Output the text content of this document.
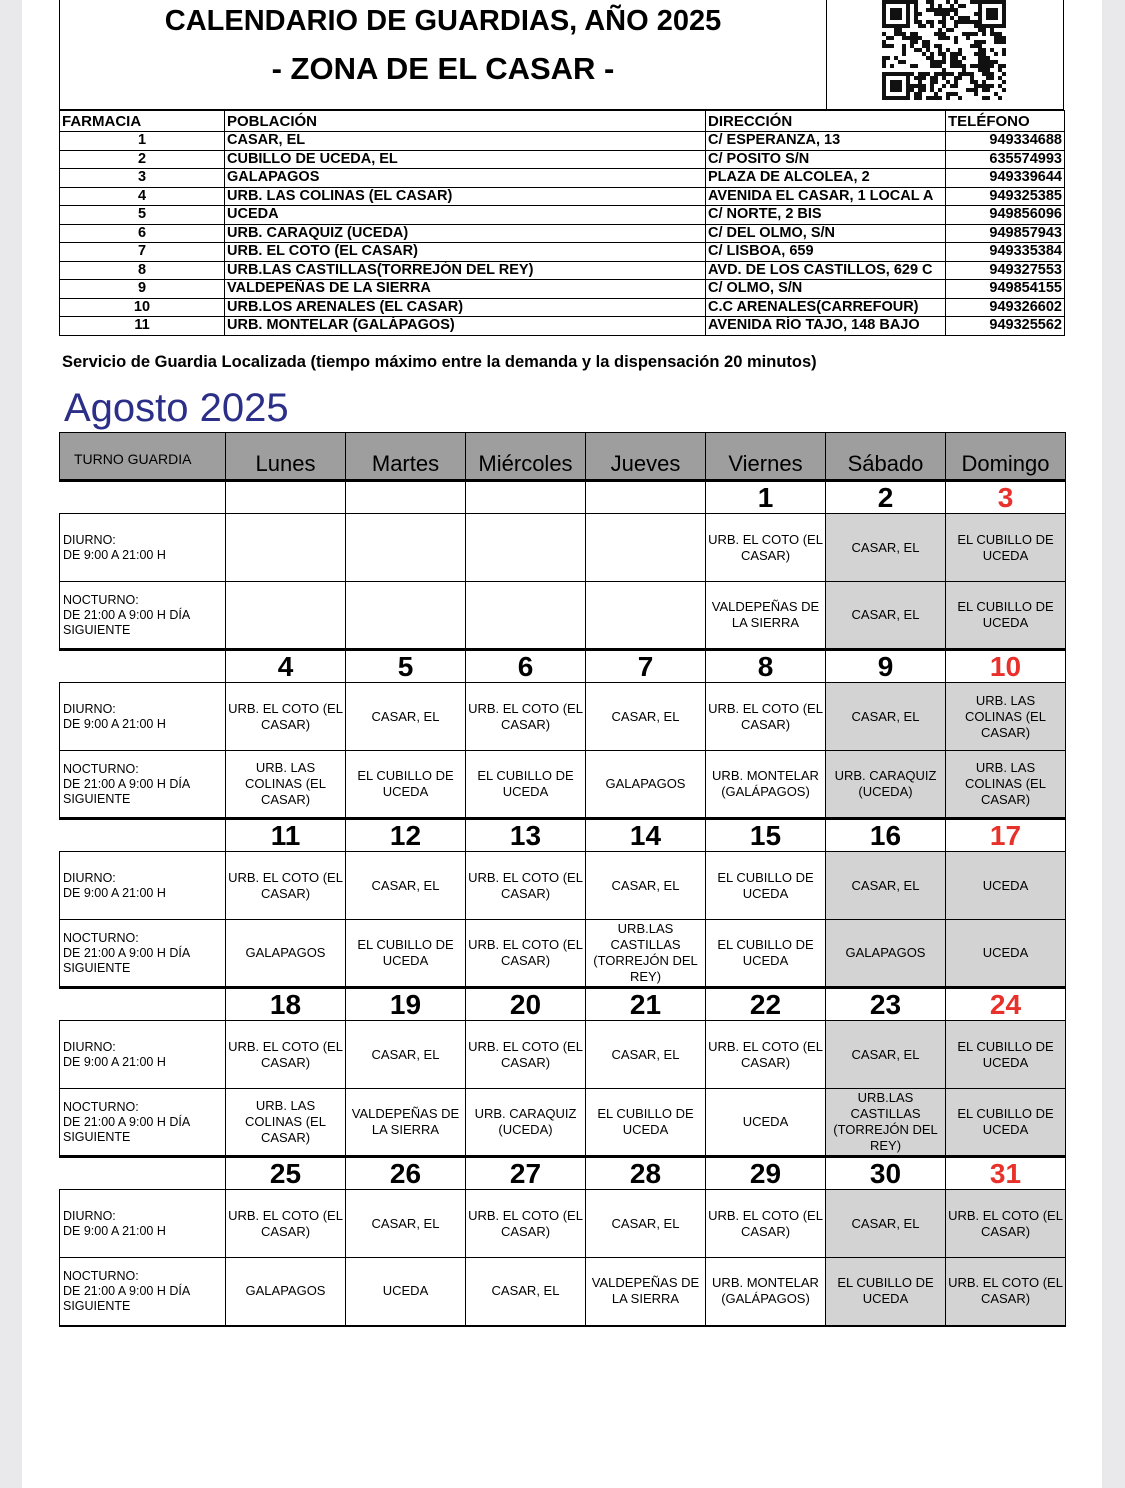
CALENDARIO DE GUARDIAS, AÑO 2025
- ZONA DE EL CASAR -
FARMACIA	POBLACIÓN	DIRECCIÓN	TELÉFONO
1	CASAR, EL	C/ ESPERANZA, 13	949334688
2	CUBILLO DE UCEDA, EL	C/ POSITO S/N	635574993
3	GALAPAGOS	PLAZA DE ALCOLEA, 2	949339644
4	URB. LAS COLINAS (EL CASAR)	AVENIDA EL CASAR, 1 LOCAL A	949325385
5	UCEDA	C/ NORTE, 2 BIS	949856096
6	URB. CARAQUIZ (UCEDA)	C/ DEL OLMO, S/N	949857943
7	URB. EL COTO (EL CASAR)	C/ LISBOA, 659	949335384
8	URB.LAS CASTILLAS(TORREJÓN DEL REY)	AVD. DE LOS CASTILLOS, 629 C	949327553
9	VALDEPEÑAS DE LA SIERRA	C/ OLMO, S/N	949854155
10	URB.LOS ARENALES (EL CASAR)	C.C ARENALES(CARREFOUR)	949326602
11	URB. MONTELAR (GALÁPAGOS)	AVENIDA RÍO TAJO, 148 BAJO	949325562
Servicio de Guardia Localizada (tiempo máximo entre la demanda y la dispensación 20 minutos)
Agosto 2025
TURNO GUARDIA	Lunes	Martes	Miércoles	Jueves	Viernes	Sábado	Domingo
					1	2	3

DIURNO:
DE 9:00 A 21:00 H					URB. EL COTO (EL CASAR)	CASAR, EL	EL CUBILLO DE UCEDA

NOCTURNO:
DE 21:00 A 9:00 H DÍA
SIGUIENTE					VALDEPEÑAS DE LA SIERRA	CASAR, EL	EL CUBILLO DE UCEDA
	4	5	6	7	8	9	10

DIURNO:
DE 9:00 A 21:00 H	URB. EL COTO (EL CASAR)	CASAR, EL	URB. EL COTO (EL CASAR)	CASAR, EL	URB. EL COTO (EL CASAR)	CASAR, EL	URB. LAS COLINAS (EL CASAR)

NOCTURNO:
DE 21:00 A 9:00 H DÍA
SIGUIENTE	URB. LAS COLINAS (EL CASAR)	EL CUBILLO DE UCEDA	EL CUBILLO DE UCEDA	GALAPAGOS	URB. MONTELAR (GALÁPAGOS)	URB. CARAQUIZ (UCEDA)	URB. LAS COLINAS (EL CASAR)
	11	12	13	14	15	16	17

DIURNO:
DE 9:00 A 21:00 H	URB. EL COTO (EL CASAR)	CASAR, EL	URB. EL COTO (EL CASAR)	CASAR, EL	EL CUBILLO DE UCEDA	CASAR, EL	UCEDA

NOCTURNO:
DE 21:00 A 9:00 H DÍA
SIGUIENTE	GALAPAGOS	EL CUBILLO DE UCEDA	URB. EL COTO (EL CASAR)	URB.LAS CASTILLAS (TORREJÓN DEL REY)	EL CUBILLO DE UCEDA	GALAPAGOS	UCEDA
	18	19	20	21	22	23	24

DIURNO:
DE 9:00 A 21:00 H	URB. EL COTO (EL CASAR)	CASAR, EL	URB. EL COTO (EL CASAR)	CASAR, EL	URB. EL COTO (EL CASAR)	CASAR, EL	EL CUBILLO DE UCEDA

NOCTURNO:
DE 21:00 A 9:00 H DÍA
SIGUIENTE	URB. LAS COLINAS (EL CASAR)	VALDEPEÑAS DE LA SIERRA	URB. CARAQUIZ (UCEDA)	EL CUBILLO DE UCEDA	UCEDA	URB.LAS CASTILLAS (TORREJÓN DEL REY)	EL CUBILLO DE UCEDA
	25	26	27	28	29	30	31

DIURNO:
DE 9:00 A 21:00 H	URB. EL COTO (EL CASAR)	CASAR, EL	URB. EL COTO (EL CASAR)	CASAR, EL	URB. EL COTO (EL CASAR)	CASAR, EL	URB. EL COTO (EL CASAR)

NOCTURNO:
DE 21:00 A 9:00 H DÍA
SIGUIENTE	GALAPAGOS	UCEDA	CASAR, EL	VALDEPEÑAS DE LA SIERRA	URB. MONTELAR (GALÁPAGOS)	EL CUBILLO DE UCEDA	URB. EL COTO (EL CASAR)
